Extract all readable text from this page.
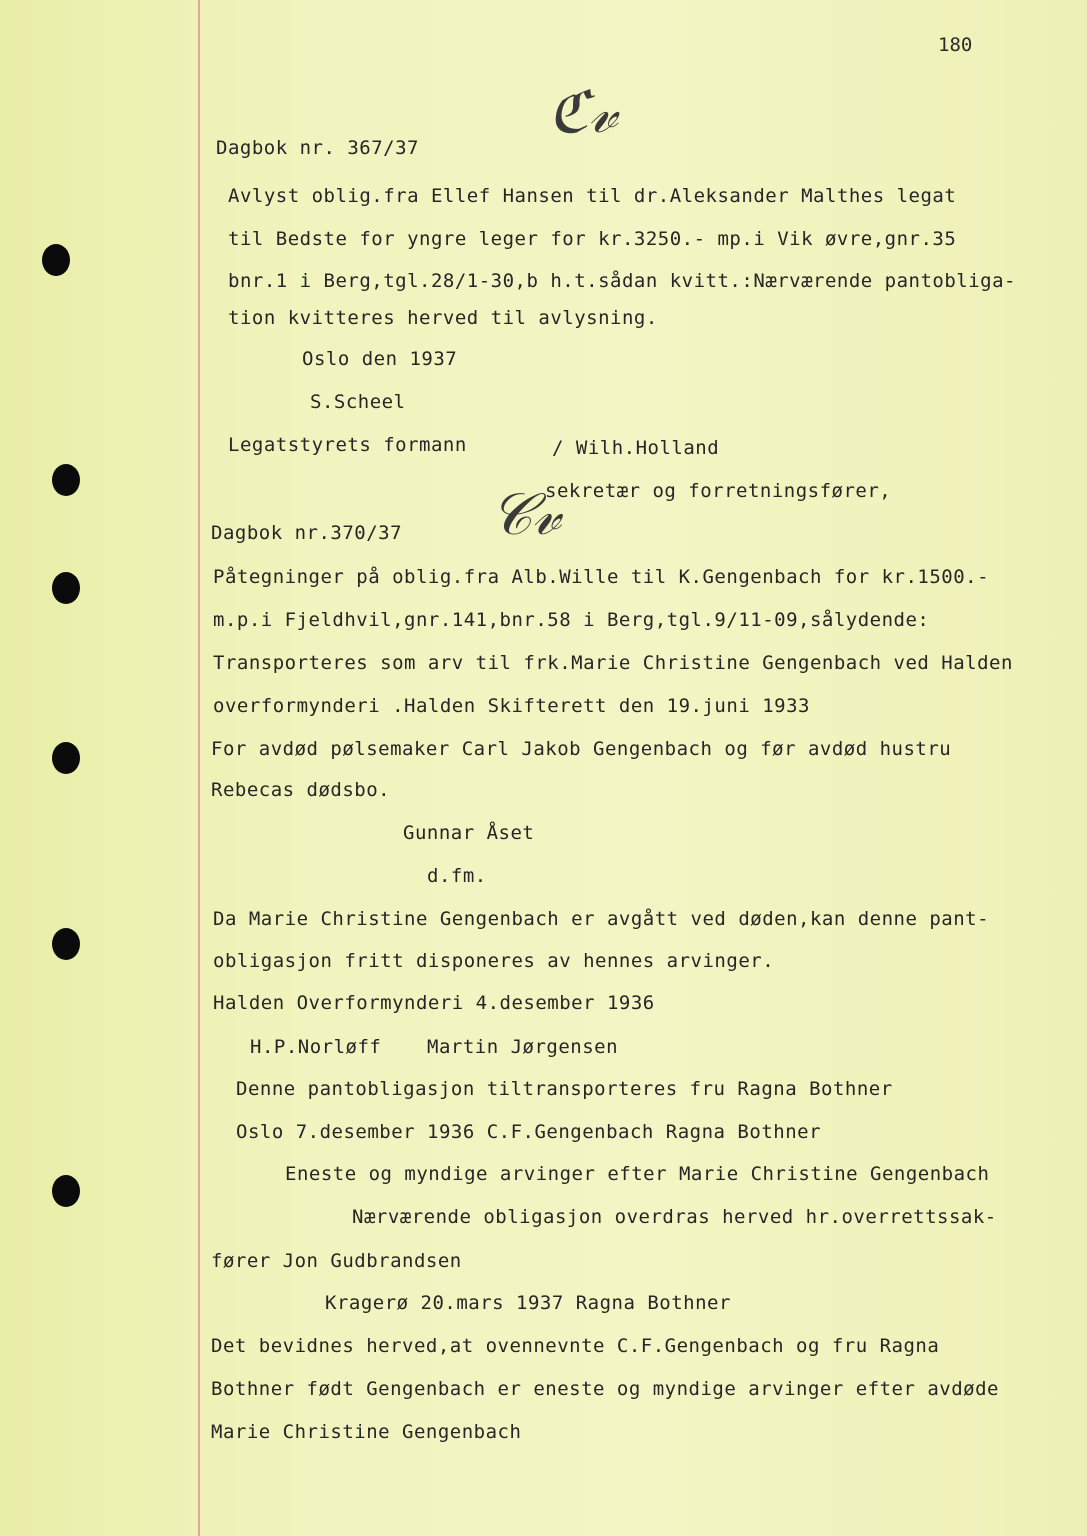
180
ℭ𝓋
𝒞𝓋
Dagbok nr. 367/37
Avlyst oblig.fra Ellef Hansen til dr.Aleksander Malthes legat
til Bedste for yngre leger for kr.3250.- mp.i Vik øvre,gnr.35
bnr.1 i Berg,tgl.28/1-30,b h.t.sådan kvitt.:Nærværende pantobliga-
tion kvitteres herved til avlysning.
Oslo den 1937
S.Scheel
Legatstyrets formann	/ Wilh.Holland
sekretær og forretningsfører,
Dagbok nr.370/37
Påtegninger på oblig.fra Alb.Wille til K.Gengenbach for kr.1500.-
m.p.i Fjeldhvil,gnr.141,bnr.58 i Berg,tgl.9/11-09,sålydende:
Transporteres som arv til frk.Marie Christine Gengenbach ved Halden
overformynderi .Halden Skifterett den 19.juni 1933
For avdød pølsemaker Carl Jakob Gengenbach og før avdød hustru
Rebecas dødsbo.
Gunnar Åset
d.fm.
Da Marie Christine Gengenbach er avgått ved døden,kan denne pant-
obligasjon fritt disponeres av hennes arvinger.
Halden Overformynderi 4.desember 1936
H.P.Norløff Martin Jørgensen
Denne pantobligasjon tiltransporteres fru Ragna Bothner
Oslo 7.desember 1936 C.F.Gengenbach Ragna Bothner
Eneste og myndige arvinger efter Marie Christine Gengenbach
Nærværende obligasjon overdras herved hr.overrettssak-
fører Jon Gudbrandsen
Kragerø 20.mars 1937 Ragna Bothner
Det bevidnes herved,at ovennevnte C.F.Gengenbach og fru Ragna
Bothner født Gengenbach er eneste og myndige arvinger efter avdøde
Marie Christine Gengenbach
